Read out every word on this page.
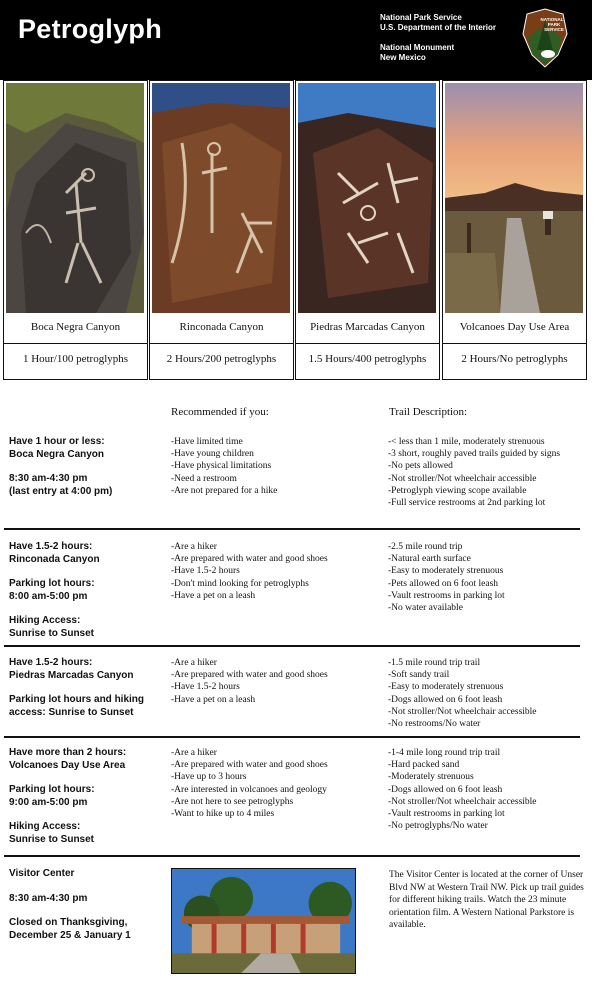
Petroglyph	National Park Service
U.S. Department of the Interior
National Monument
New Mexico
NATIONAL
PARK
SERVICE
Boca Negra Canyon
1 Hour/100 petroglyphs
Rinconada Canyon
2 Hours/200 petroglyphs
Piedras Marcadas Canyon
1.5 Hours/400 petroglyphs
Volcanoes Day Use Area
2 Hours/No petroglyphs
Recommended if you:	Trail Description:
Have 1 hour or less:
Boca Negra Canyon
8:30 am-4:30 pm
(last entry at 4:00 pm)
-Have limited time
-Have young children
-Have physical limitations
-Need a restroom
-Are not prepared for a hike
-< less than 1 mile, moderately strenuous
-3 short, roughly paved trails guided by signs
-No pets allowed
-Not stroller/Not wheelchair accessible
-Petroglyph viewing scope available
-Full service restrooms at 2nd parking lot
Have 1.5-2 hours:
Rinconada Canyon
Parking lot hours:
8:00 am-5:00 pm
Hiking Access:
Sunrise to Sunset
-Are a hiker
-Are prepared with water and good shoes
-Have 1.5-2 hours
-Don't mind looking for petroglyphs
-Have a pet on a leash
-2.5 mile round trip
-Natural earth surface
-Easy to moderately strenuous
-Pets allowed on 6 foot leash
-Vault restrooms in parking lot
-No water available
Have 1.5-2 hours:
Piedras Marcadas Canyon
Parking lot hours and hiking
access: Sunrise to Sunset
-Are a hiker
-Are prepared with water and good shoes
-Have 1.5-2 hours
-Have a pet on a leash
-1.5 mile round trip trail
-Soft sandy trail
-Easy to moderately strenuous
-Dogs allowed on 6 foot leash
-Not stroller/Not wheelchair accessible
-No restrooms/No water
Have more than 2 hours:
Volcanoes Day Use Area
Parking lot hours:
9:00 am-5:00 pm
Hiking Access:
Sunrise to Sunset
-Are a hiker
-Are prepared with water and good shoes
-Have up to 3 hours
-Are interested in volcanoes and geology
-Are not here to see petroglyphs
-Want to hike up to 4 miles
-1-4 mile long round trip trail
-Hard packed sand
-Moderately strenuous
-Dogs allowed on 6 foot leash
-Not stroller/Not wheelchair accessible
-Vault restrooms in parking lot
-No petroglyphs/No water
Visitor Center
8:30 am-4:30 pm
Closed on Thanksgiving,
December 25 & January 1
The Visitor Center is located at the corner of Unser Blvd NW at Western Trail NW. Pick up trail guides for different hiking trails. Watch the 23 minute orientation film. A Western National Parkstore is available.
